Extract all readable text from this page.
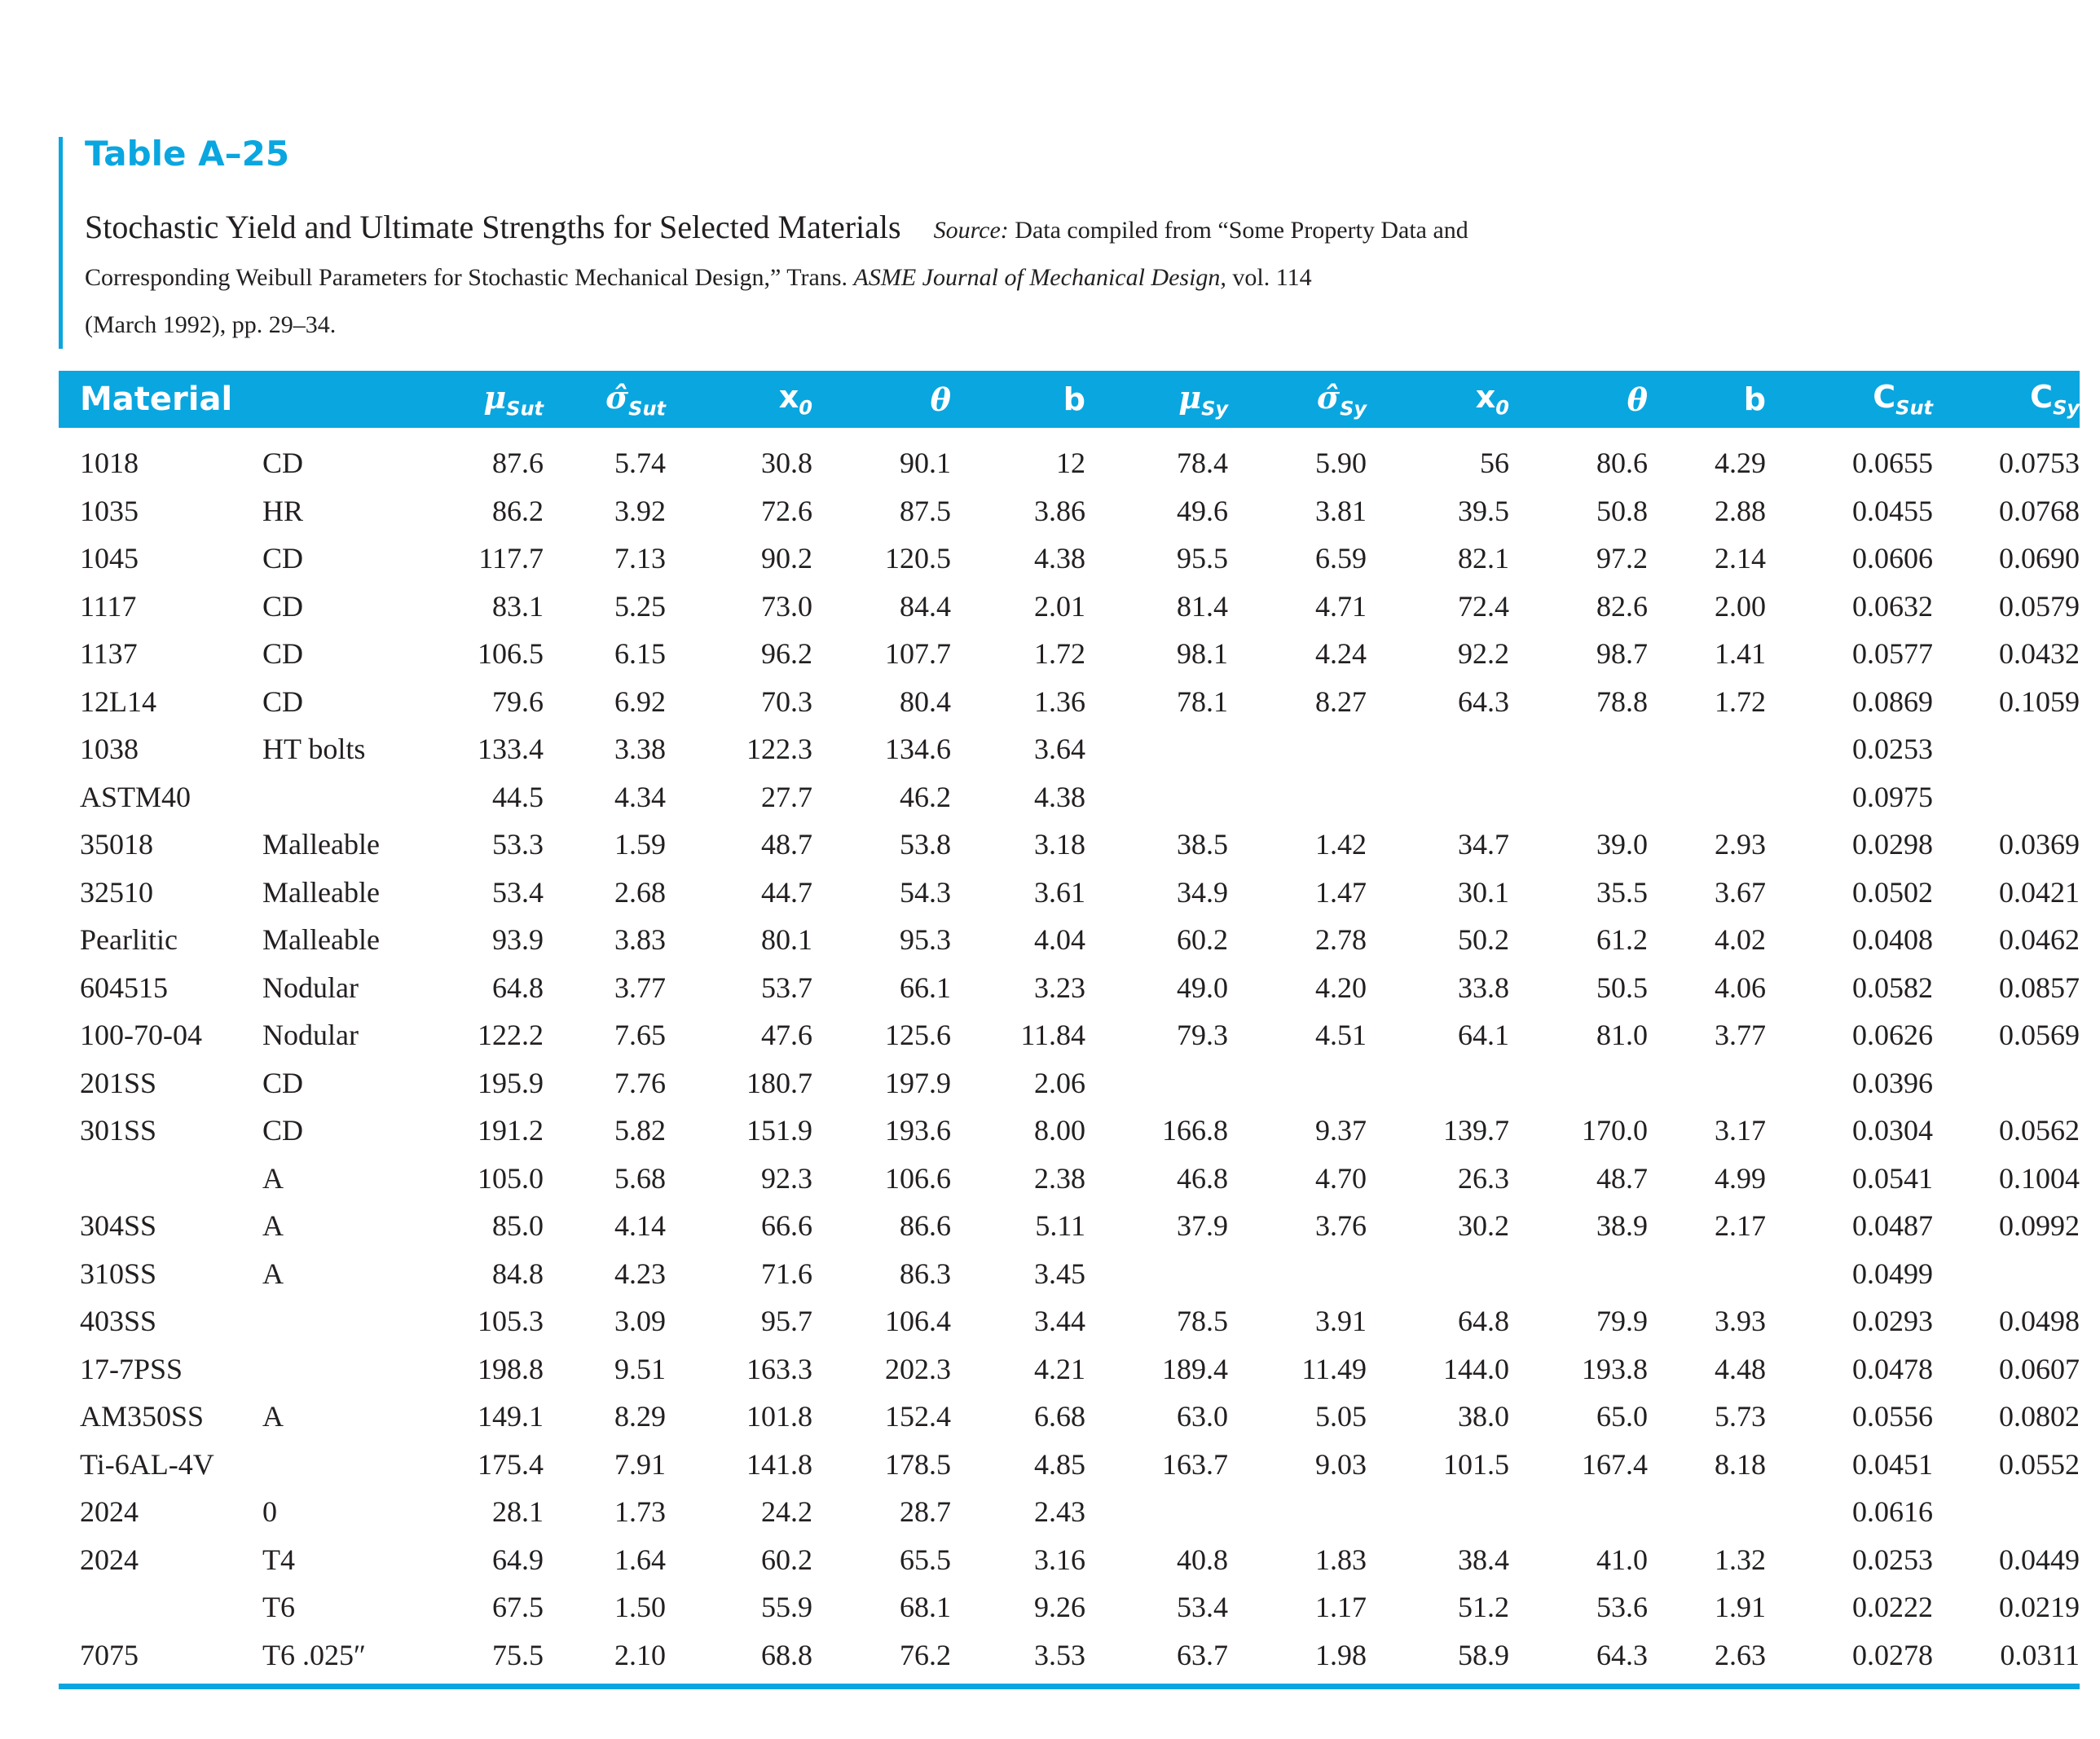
Table A–25
Stochastic Yield and Ultimate Strengths for Selected Materials Source: Data compiled from “Some Property Data and
Corresponding Weibull Parameters for Stochastic Mechanical Design,” Trans. ASME Journal of Mechanical Design, vol. 114
(March 1992), pp. 29–34.
Material		$\mu_{Sut}$	$\sigmâ_{Sut}$	$x_0$	θ	b	$\mu_{Sy}$	$\sigmâ_{Sy}$	$x_0$	θ	b	$C_{Sut}$	$C_{Sy}$
1018	CD	87.6	5.74	30.8	90.1	12	78.4	5.90	56	80.6	4.29	0.0655	0.0753
1035	HR	86.2	3.92	72.6	87.5	3.86	49.6	3.81	39.5	50.8	2.88	0.0455	0.0768
1045	CD	117.7	7.13	90.2	120.5	4.38	95.5	6.59	82.1	97.2	2.14	0.0606	0.0690
1117	CD	83.1	5.25	73.0	84.4	2.01	81.4	4.71	72.4	82.6	2.00	0.0632	0.0579
1137	CD	106.5	6.15	96.2	107.7	1.72	98.1	4.24	92.2	98.7	1.41	0.0577	0.0432
12L14	CD	79.6	6.92	70.3	80.4	1.36	78.1	8.27	64.3	78.8	1.72	0.0869	0.1059
1038	HT bolts	133.4	3.38	122.3	134.6	3.64						0.0253	
ASTM40		44.5	4.34	27.7	46.2	4.38						0.0975	
35018	Malleable	53.3	1.59	48.7	53.8	3.18	38.5	1.42	34.7	39.0	2.93	0.0298	0.0369
32510	Malleable	53.4	2.68	44.7	54.3	3.61	34.9	1.47	30.1	35.5	3.67	0.0502	0.0421
Pearlitic	Malleable	93.9	3.83	80.1	95.3	4.04	60.2	2.78	50.2	61.2	4.02	0.0408	0.0462
604515	Nodular	64.8	3.77	53.7	66.1	3.23	49.0	4.20	33.8	50.5	4.06	0.0582	0.0857
100-70-04	Nodular	122.2	7.65	47.6	125.6	11.84	79.3	4.51	64.1	81.0	3.77	0.0626	0.0569
201SS	CD	195.9	7.76	180.7	197.9	2.06						0.0396	
301SS	CD	191.2	5.82	151.9	193.6	8.00	166.8	9.37	139.7	170.0	3.17	0.0304	0.0562
	A	105.0	5.68	92.3	106.6	2.38	46.8	4.70	26.3	48.7	4.99	0.0541	0.1004
304SS	A	85.0	4.14	66.6	86.6	5.11	37.9	3.76	30.2	38.9	2.17	0.0487	0.0992
310SS	A	84.8	4.23	71.6	86.3	3.45						0.0499	
403SS		105.3	3.09	95.7	106.4	3.44	78.5	3.91	64.8	79.9	3.93	0.0293	0.0498
17-7PSS		198.8	9.51	163.3	202.3	4.21	189.4	11.49	144.0	193.8	4.48	0.0478	0.0607
AM350SS	A	149.1	8.29	101.8	152.4	6.68	63.0	5.05	38.0	65.0	5.73	0.0556	0.0802
Ti-6AL-4V		175.4	7.91	141.8	178.5	4.85	163.7	9.03	101.5	167.4	8.18	0.0451	0.0552
2024	0	28.1	1.73	24.2	28.7	2.43						0.0616	
2024	T4	64.9	1.64	60.2	65.5	3.16	40.8	1.83	38.4	41.0	1.32	0.0253	0.0449
	T6	67.5	1.50	55.9	68.1	9.26	53.4	1.17	51.2	53.6	1.91	0.0222	0.0219
7075	T6 .025″	75.5	2.10	68.8	76.2	3.53	63.7	1.98	58.9	64.3	2.63	0.0278	0.0311
